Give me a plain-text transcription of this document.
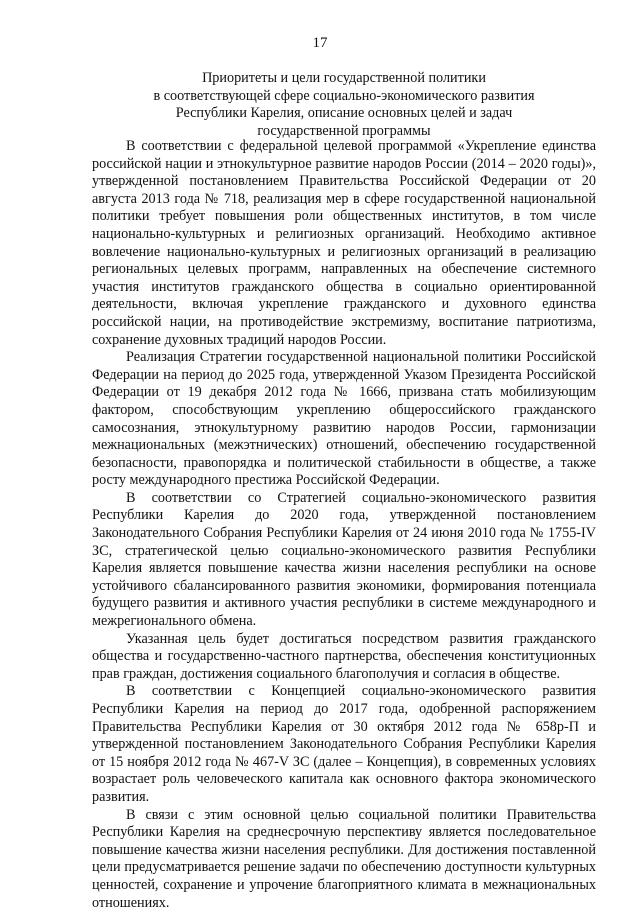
17
Приоритеты и цели государственной политики
в соответствующей сфере социально-экономического развития
Республики Карелия, описание основных целей и задач
государственной программы

В соответствии с федеральной целевой программой «Укрепление единства российской нации и этнокультурное развитие народов России (2014 – 2020 годы)», утвержденной постановлением Правительства Российской Федерации от 20 августа 2013 года № 718, реализация мер в сфере государственной национальной политики требует повышения роли общественных институтов, в том числе национально-культурных и религиозных организаций. Необходимо активное вовлечение национально-культурных и религиозных организаций в реализацию региональных целевых программ, направленных на обеспечение системного участия институтов гражданского общества в социально ориентированной деятельности, включая укрепление гражданского и духовного единства российской нации, на противодействие экстремизму, воспитание патриотизма, сохранение духовных традиций народов России.

Реализация Стратегии государственной национальной политики Российской Федерации на период до 2025 года, утвержденной Указом Президента Российской Федерации от 19 декабря 2012 года № 1666, призвана стать мобилизующим фактором, способствующим укреплению общероссийского гражданского самосознания, этнокультурному развитию народов России, гармонизации межнациональных (межэтнических) отношений, обеспечению государственной безопасности, правопорядка и политической стабильности в обществе, а также росту международного престижа Российской Федерации.

В соответствии со Стратегией социально-экономического развития Республики Карелия до 2020 года, утвержденной постановлением Законодательного Собрания Республики Карелия от 24 июня 2010 года № 1755-IV ЗС, стратегической целью социально-экономического развития Республики Карелия является повышение качества жизни населения республики на основе устойчивого сбалансированного развития экономики, формирования потенциала будущего развития и активного участия республики в системе международного и межрегионального обмена.

Указанная цель будет достигаться посредством развития гражданского общества и государственно-частного партнерства, обеспечения конституционных прав граждан, достижения социального благополучия и согласия в обществе.

В соответствии с Концепцией социально-экономического развития Республики Карелия на период до 2017 года, одобренной распоряжением Правительства Республики Карелия от 30 октября 2012 года № 658р-П и утвержденной постановлением Законодательного Собрания Республики Карелия от 15 ноября 2012 года № 467-V ЗС (далее – Концепция), в современных условиях возрастает роль человеческого капитала как основного фактора экономического развития.

В связи с этим основной целью социальной политики Правительства Республики Карелия на среднесрочную перспективу является последовательное повышение качества жизни населения республики. Для достижения поставленной цели предусматривается решение задачи по обеспечению доступности культурных ценностей, сохранение и упрочение благоприятного климата в межнациональных отношениях.
